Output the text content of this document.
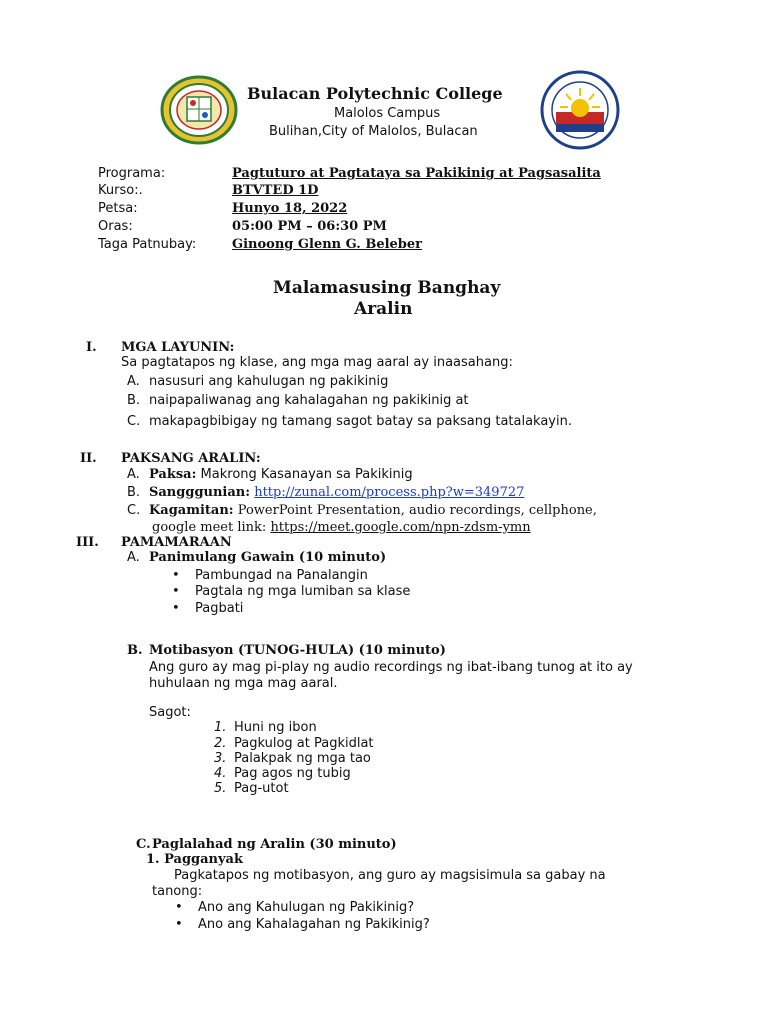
Bulacan Polytechnic College
Malolos Campus
Bulihan,City of Malolos, Bulacan
Programa:	Pagtuturo at Pagtataya sa Pakikinig at Pagsasalita
Kurso:.	BTVTED 1D
Petsa:	Hunyo 18, 2022
Oras:	05:00 PM – 06:30 PM
Taga Patnubay:	Ginoong Glenn G. Beleber
Malamasusing Banghay
Aralin
I. MGA LAYUNIN:
Sa pagtatapos ng klase, ang mga mag aaral ay inaasahang:
A. nasusuri ang kahulugan ng pakikinig
B. naipapaliwanag ang kahalagahan ng pakikinig at
C. makapagbibigay ng tamang sagot batay sa paksang tatalakayin.
II. PAKSANG ARALIN:
A. Paksa: Makrong Kasanayan sa Pakikinig
B. Sangggunian: http://zunal.com/process.php?w=349727
C. Kagamitan: PowerPoint Presentation, audio recordings, cellphone,
google meet link: https://meet.google.com/npn-zdsm-ymn
III. PAMAMARAAN
A. Panimulang Gawain (10 minuto)
• Pambungad na Panalangin
• Pagtala ng mga lumiban sa klase
• Pagbati
B. Motibasyon (TUNOG-HULA) (10 minuto)
Ang guro ay mag pi-play ng audio recordings ng ibat-ibang tunog at ito ay
huhulaan ng mga mag aaral.
Sagot:
1. Huni ng ibon
2. Pagkulog at Pagkidlat
3. Palakpak ng mga tao
4. Pag agos ng tubig
5. Pag-utot
C. Paglalahad ng Aralin (30 minuto)
1. Pagganyak
Pagkatapos ng motibasyon, ang guro ay magsisimula sa gabay na
tanong:
• Ano ang Kahulugan ng Pakikinig?
• Ano ang Kahalagahan ng Pakikinig?
